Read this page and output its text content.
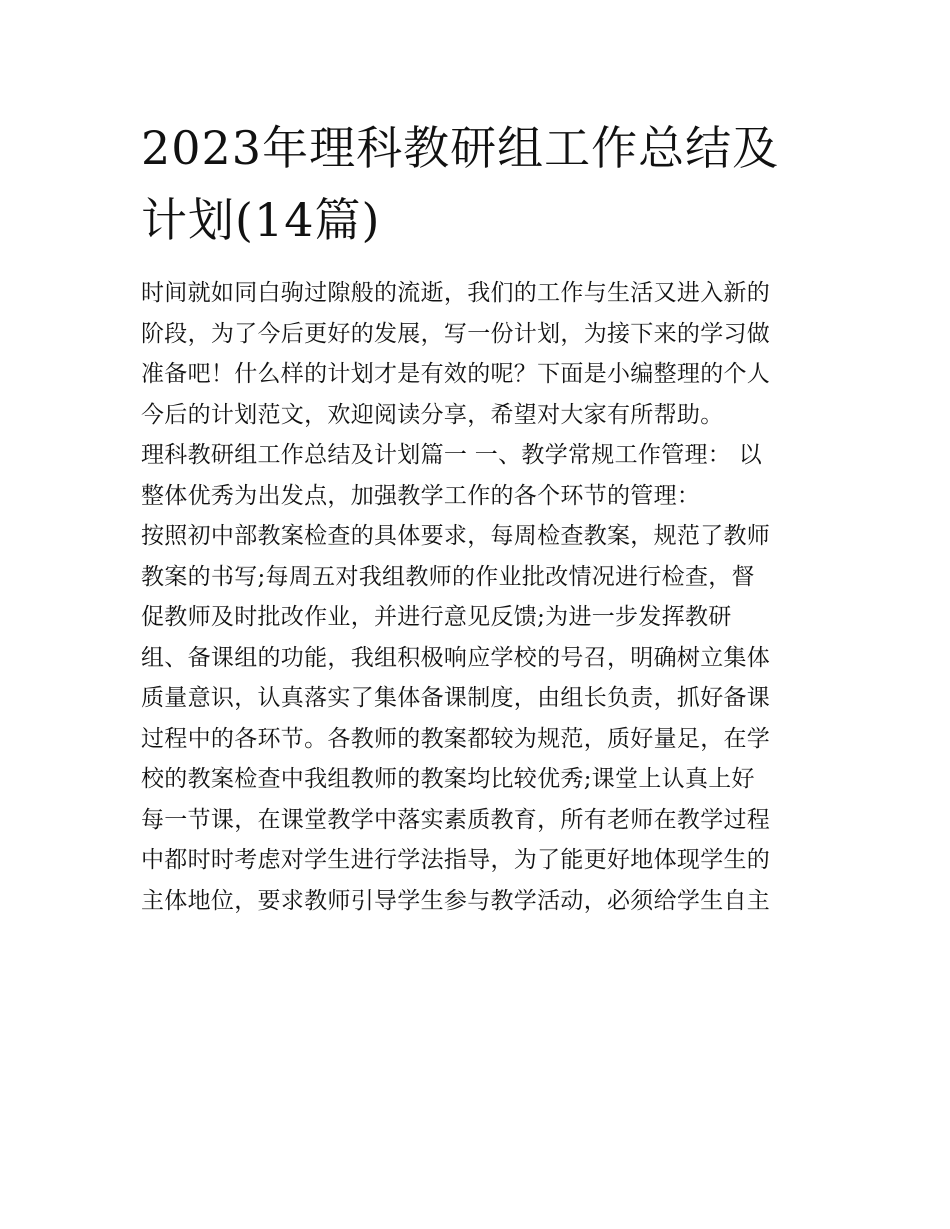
2023年理科教研组工作总结及
计划(14篇)

时间就如同白驹过隙般的流逝，我们的工作与生活又进入新的

阶段，为了今后更好的发展，写一份计划，为接下来的学习做

准备吧！什么样的计划才是有效的呢？下面是小编整理的个人

今后的计划范文，欢迎阅读分享，希望对大家有所帮助。

理科教研组工作总结及计划篇一 一、教学常规工作管理： 以

整体优秀为出发点，加强教学工作的各个环节的管理：

按照初中部教案检查的具体要求，每周检查教案，规范了教师

教案的书写;每周五对我组教师的作业批改情况进行检查，督

促教师及时批改作业，并进行意见反馈;为进一步发挥教研

组、备课组的功能，我组积极响应学校的号召，明确树立集体

质量意识，认真落实了集体备课制度，由组长负责，抓好备课

过程中的各环节。各教师的教案都较为规范，质好量足，在学

校的教案检查中我组教师的教案均比较优秀;课堂上认真上好

每一节课，在课堂教学中落实素质教育，所有老师在教学过程

中都时时考虑对学生进行学法指导，为了能更好地体现学生的

主体地位，要求教师引导学生参与教学活动，必须给学生自主
